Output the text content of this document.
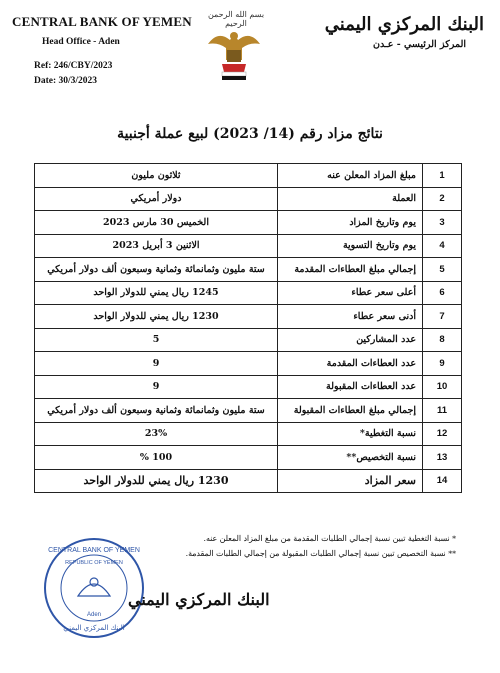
CENTRAL BANK OF YEMEN
Head Office - Aden
Ref: 246/CBY/2023
Date: 30/3/2023
بسم الله الرحمن الرحيم	البنك المركزي اليمني
المركز الرئيسي - عـدن
نتائج مزاد رقم (14/ 2023) لبيع عملة أجنبية
1	مبلغ المزاد المعلن عنه	ثلاثون مليون
2	العملة	دولار أمريكي
3	يوم وتاريخ المزاد	الخميس 30 مارس 2023
4	يوم وتاريخ التسوية	الاثنين 3 أبريل 2023
5	إجمالي مبلغ العطاءات المقدمة	ستة مليون وثمانمائة وثمانية وسبعون ألف دولار أمريكي
6	أعلى سعر عطاء	1245 ريال يمني للدولار الواحد
7	أدنى سعر عطاء	1230 ريال يمني للدولار الواحد
8	عدد المشاركين	5
9	عدد العطاءات المقدمة	9
10	عدد العطاءات المقبولة	9
11	إجمالي مبلغ العطاءات المقبولة	ستة مليون وثمانمائة وثمانية وسبعون ألف دولار أمريكي
12	نسبة التغطية*	23%
13	نسبة التخصيص**	100 %
14	سعر المزاد	1230 ريال يمني للدولار الواحد
* نسبة التغطية تبين نسبة إجمالي الطلبات المقدمة من مبلغ المزاد المعلن عنه.
** نسبة التخصيص تبين نسبة إجمالي الطلبات المقبولة من إجمالي الطلبات المقدمة.
CENTRAL BANK OF YEMEN
REPUBLIC OF YEMEN
Aden
البنك المركزي اليمني
البنك المركزي اليمني
